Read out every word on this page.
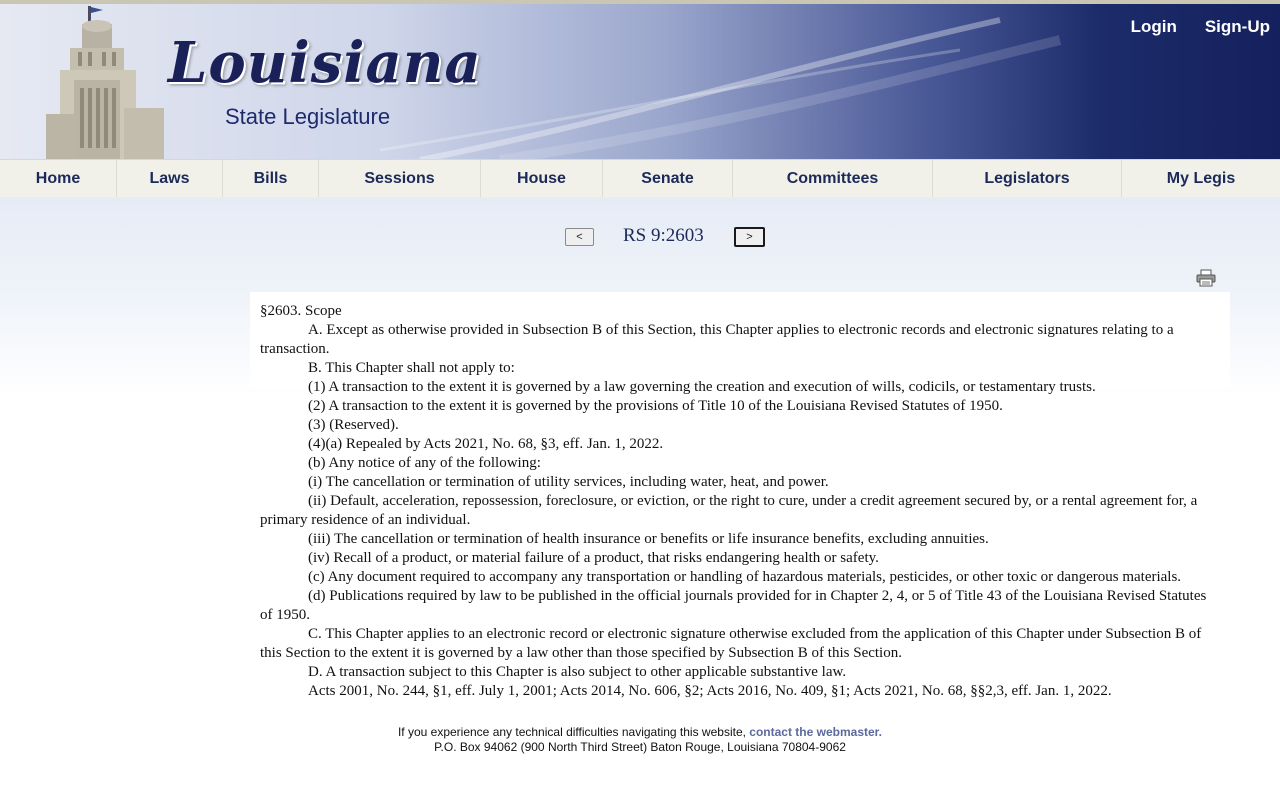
Louisiana
State Legislature
Login Sign-Up
Home	Laws	Bills	Sessions	House	Senate	Committees	Legislators	My Legis
<	RS 9:2603	>

§2603. Scope

A. Except as otherwise provided in Subsection B of this Section, this Chapter applies to electronic records and electronic signatures relating to a transaction.

B. This Chapter shall not apply to:

(1) A transaction to the extent it is governed by a law governing the creation and execution of wills, codicils, or testamentary trusts.

(2) A transaction to the extent it is governed by the provisions of Title 10 of the Louisiana Revised Statutes of 1950.

(3) (Reserved).

(4)(a) Repealed by Acts 2021, No. 68, §3, eff. Jan. 1, 2022.

(b) Any notice of any of the following:

(i) The cancellation or termination of utility services, including water, heat, and power.

(ii) Default, acceleration, repossession, foreclosure, or eviction, or the right to cure, under a credit agreement secured by, or a rental agreement for, a primary residence of an individual.

(iii) The cancellation or termination of health insurance or benefits or life insurance benefits, excluding annuities.

(iv) Recall of a product, or material failure of a product, that risks endangering health or safety.

(c) Any document required to accompany any transportation or handling of hazardous materials, pesticides, or other toxic or dangerous materials.

(d) Publications required by law to be published in the official journals provided for in Chapter 2, 4, or 5 of Title 43 of the Louisiana Revised Statutes of 1950.

C. This Chapter applies to an electronic record or electronic signature otherwise excluded from the application of this Chapter under Subsection B of this Section to the extent it is governed by a law other than those specified by Subsection B of this Section.

D. A transaction subject to this Chapter is also subject to other applicable substantive law.

Acts 2001, No. 244, §1, eff. July 1, 2001; Acts 2014, No. 606, §2; Acts 2016, No. 409, §1; Acts 2021, No. 68, §§2,3, eff. Jan. 1, 2022.

If you experience any technical difficulties navigating this website, contact the webmaster.
P.O. Box 94062 (900 North Third Street) Baton Rouge, Louisiana 70804-9062
